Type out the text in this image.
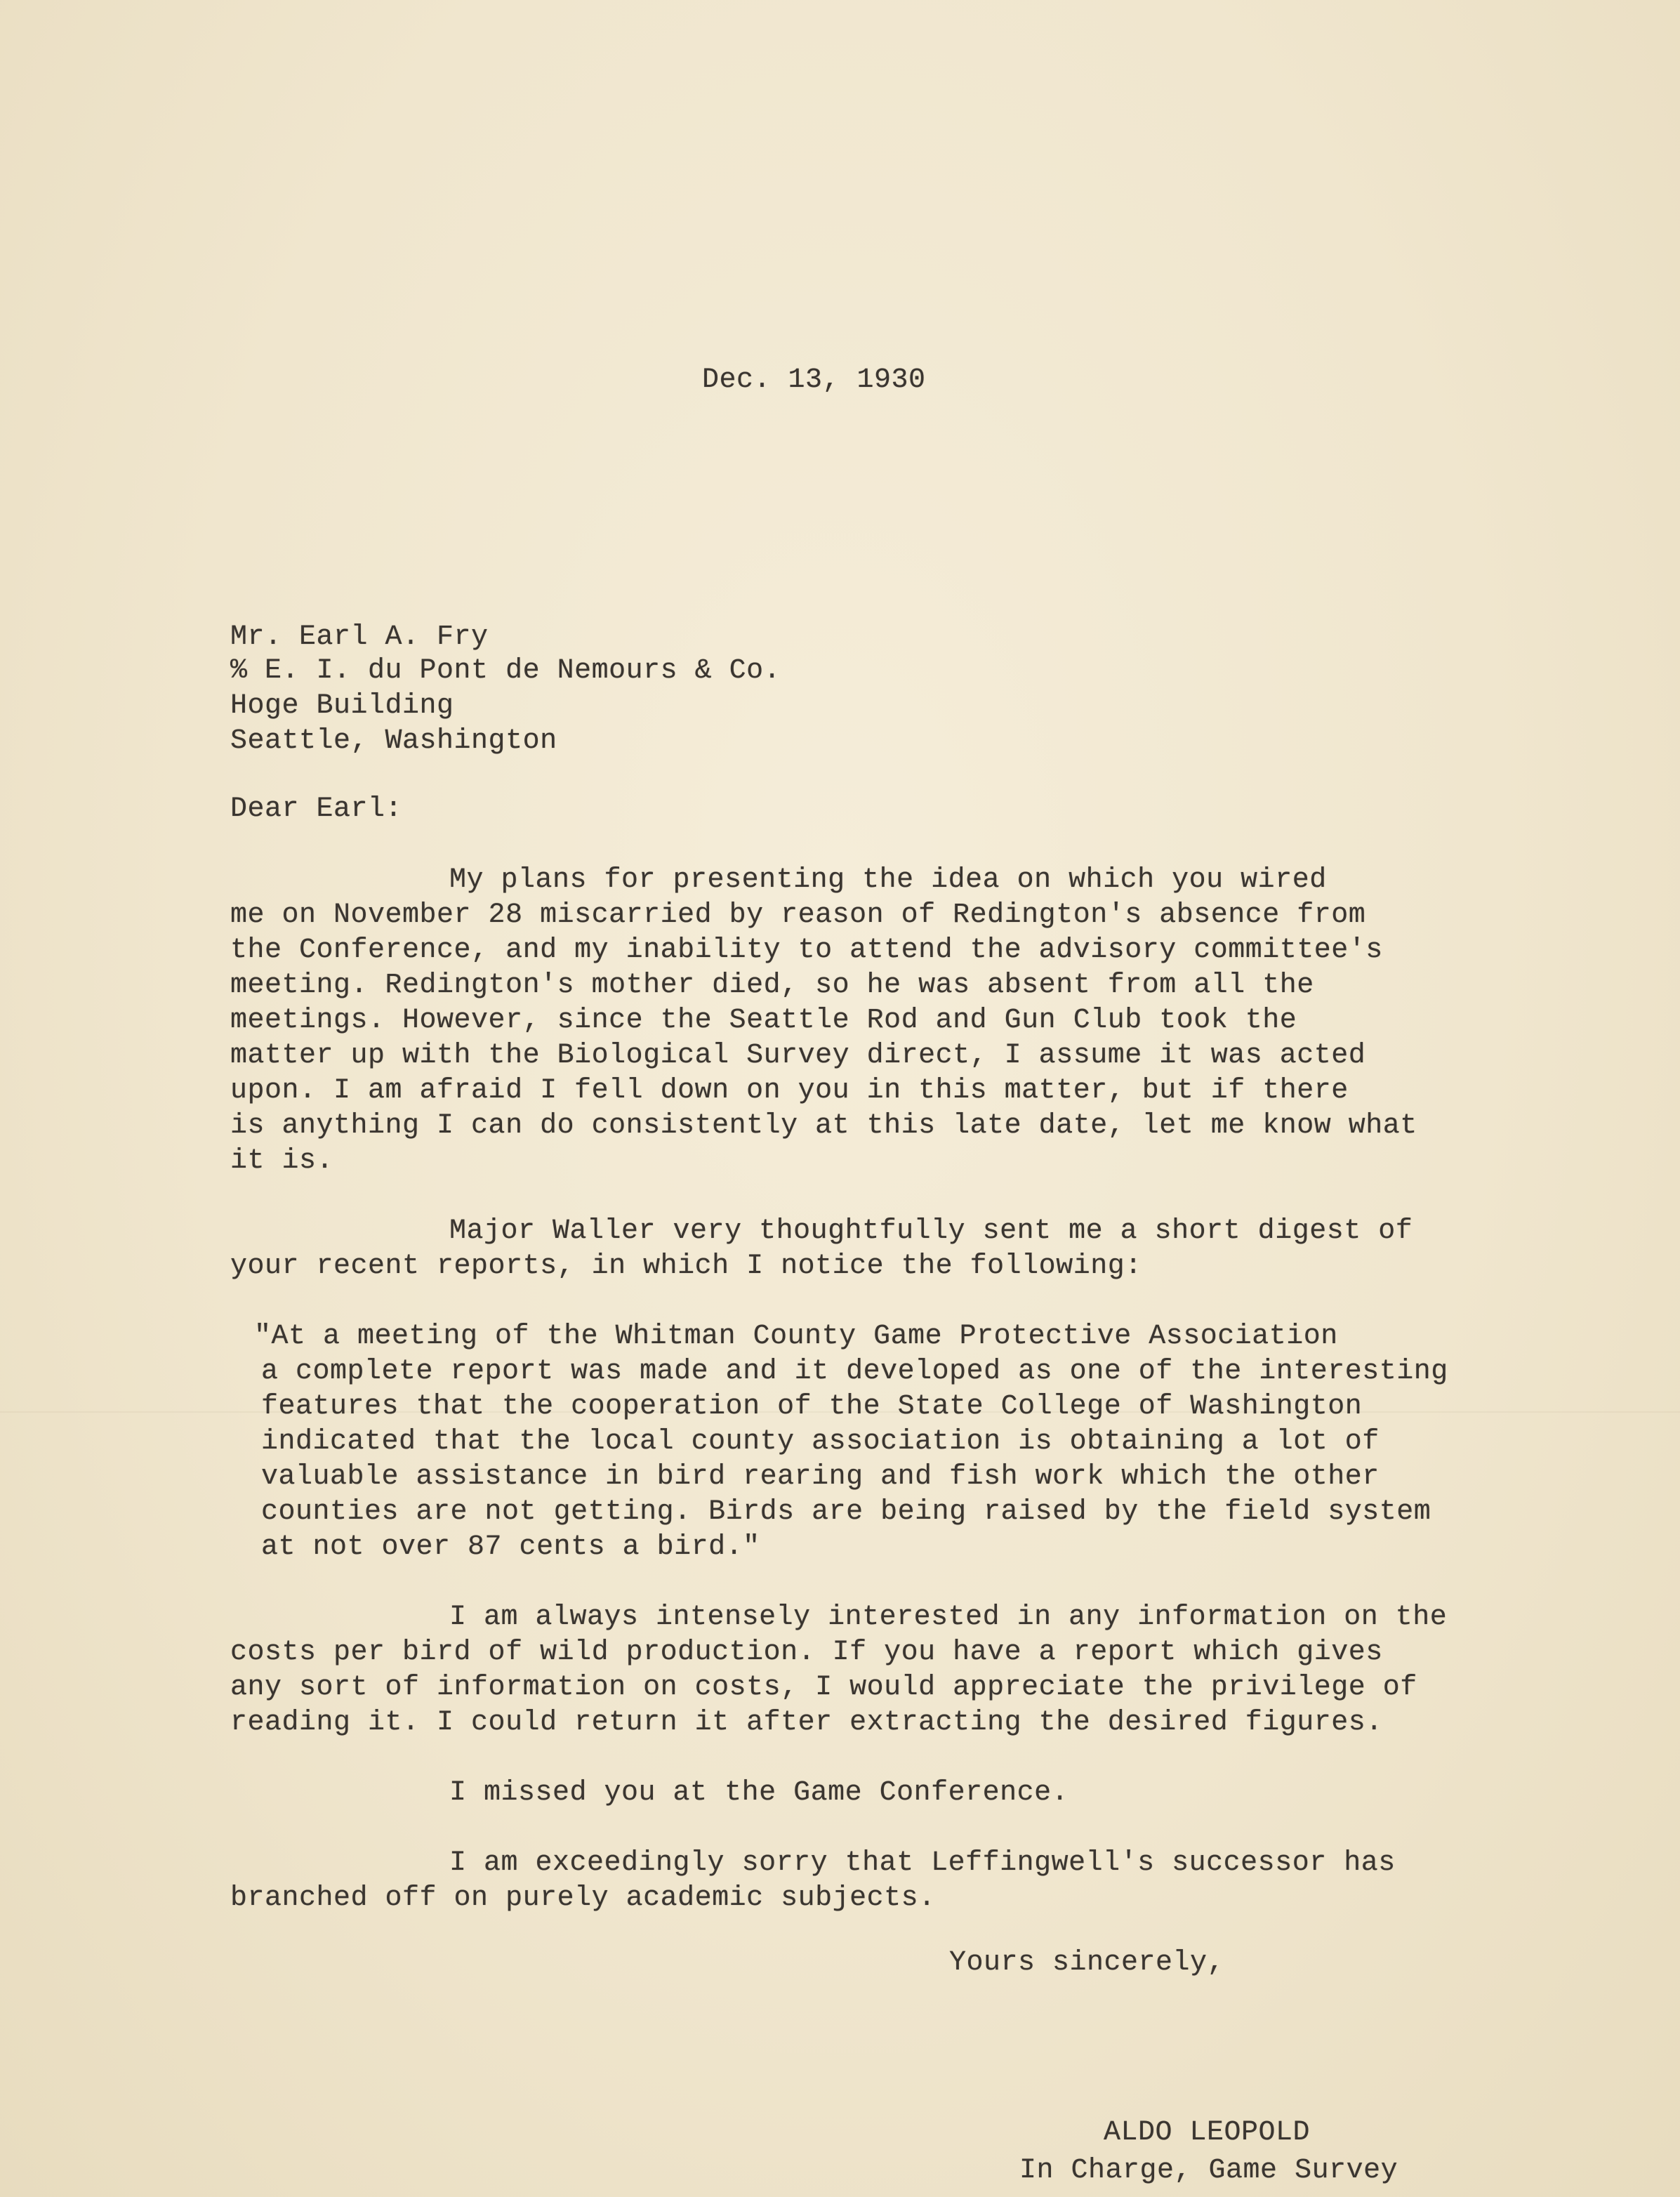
Dec. 13, 1930
Mr. Earl A. Fry
% E. I. du Pont de Nemours & Co.
Hoge Building
Seattle, Washington
Dear Earl:
My plans for presenting the idea on which you wired
me on November 28 miscarried by reason of Redington's absence from
the Conference, and my inability to attend the advisory committee's
meeting. Redington's mother died, so he was absent from all the
meetings. However, since the Seattle Rod and Gun Club took the
matter up with the Biological Survey direct, I assume it was acted
upon. I am afraid I fell down on you in this matter, but if there
is anything I can do consistently at this late date, let me know what
it is.
Major Waller very thoughtfully sent me a short digest of
your recent reports, in which I notice the following:
"At a meeting of the Whitman County Game Protective Association
a complete report was made and it developed as one of the interesting
features that the cooperation of the State College of Washington
indicated that the local county association is obtaining a lot of
valuable assistance in bird rearing and fish work which the other
counties are not getting. Birds are being raised by the field system
at not over 87 cents a bird."
I am always intensely interested in any information on the
costs per bird of wild production. If you have a report which gives
any sort of information on costs, I would appreciate the privilege of
reading it. I could return it after extracting the desired figures.
I missed you at the Game Conference.
I am exceedingly sorry that Leffingwell's successor has
branched off on purely academic subjects.
Yours sincerely,
ALDO LEOPOLD
In Charge, Game Survey
